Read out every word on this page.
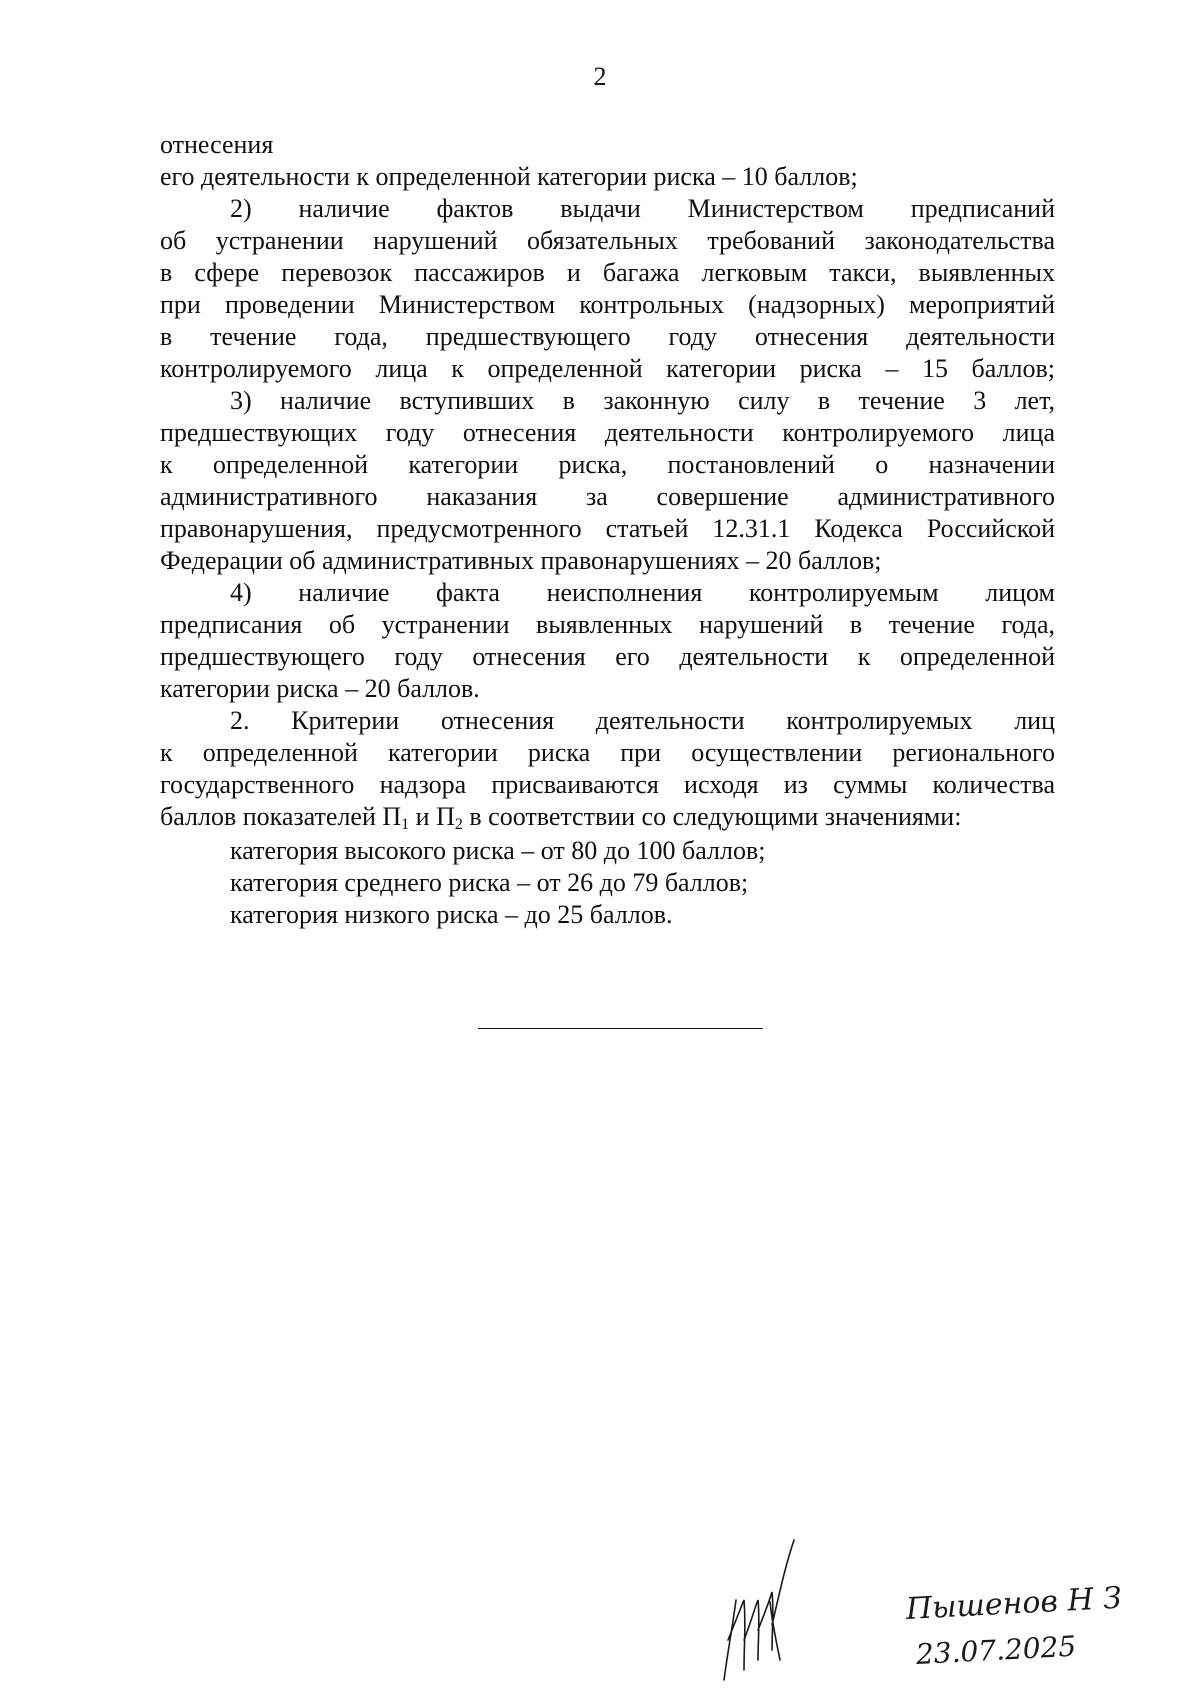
2
отнесения
его деятельности к определенной категории риска – 10 баллов;
2) наличие фактов выдачи Министерством предписаний
об устранении нарушений обязательных требований законодательства
в сфере перевозок пассажиров и багажа легковым такси, выявленных
при проведении Министерством контрольных (надзорных) мероприятий
в течение года, предшествующего году отнесения деятельности
контролируемого лица к определенной категории риска – 15 баллов;
3) наличие вступивших в законную силу в течение 3 лет,
предшествующих году отнесения деятельности контролируемого лица
к определенной категории риска, постановлений о назначении
административного наказания за совершение административного
правонарушения, предусмотренного статьей 12.31.1 Кодекса Российской
Федерации об административных правонарушениях – 20 баллов;
4) наличие факта неисполнения контролируемым лицом
предписания об устранении выявленных нарушений в течение года,
предшествующего году отнесения его деятельности к определенной
категории риска – 20 баллов.
2. Критерии отнесения деятельности контролируемых лиц
к определенной категории риска при осуществлении регионального
государственного надзора присваиваются исходя из суммы количества
баллов показателей $П_1$ и $П_2$ в соответствии со следующими значениями:
категория высокого риска – от 80 до 100 баллов;
категория среднего риска – от 26 до 79 баллов;
категория низкого риска – до 25 баллов.
Пышенов Н З
23.07.2025
